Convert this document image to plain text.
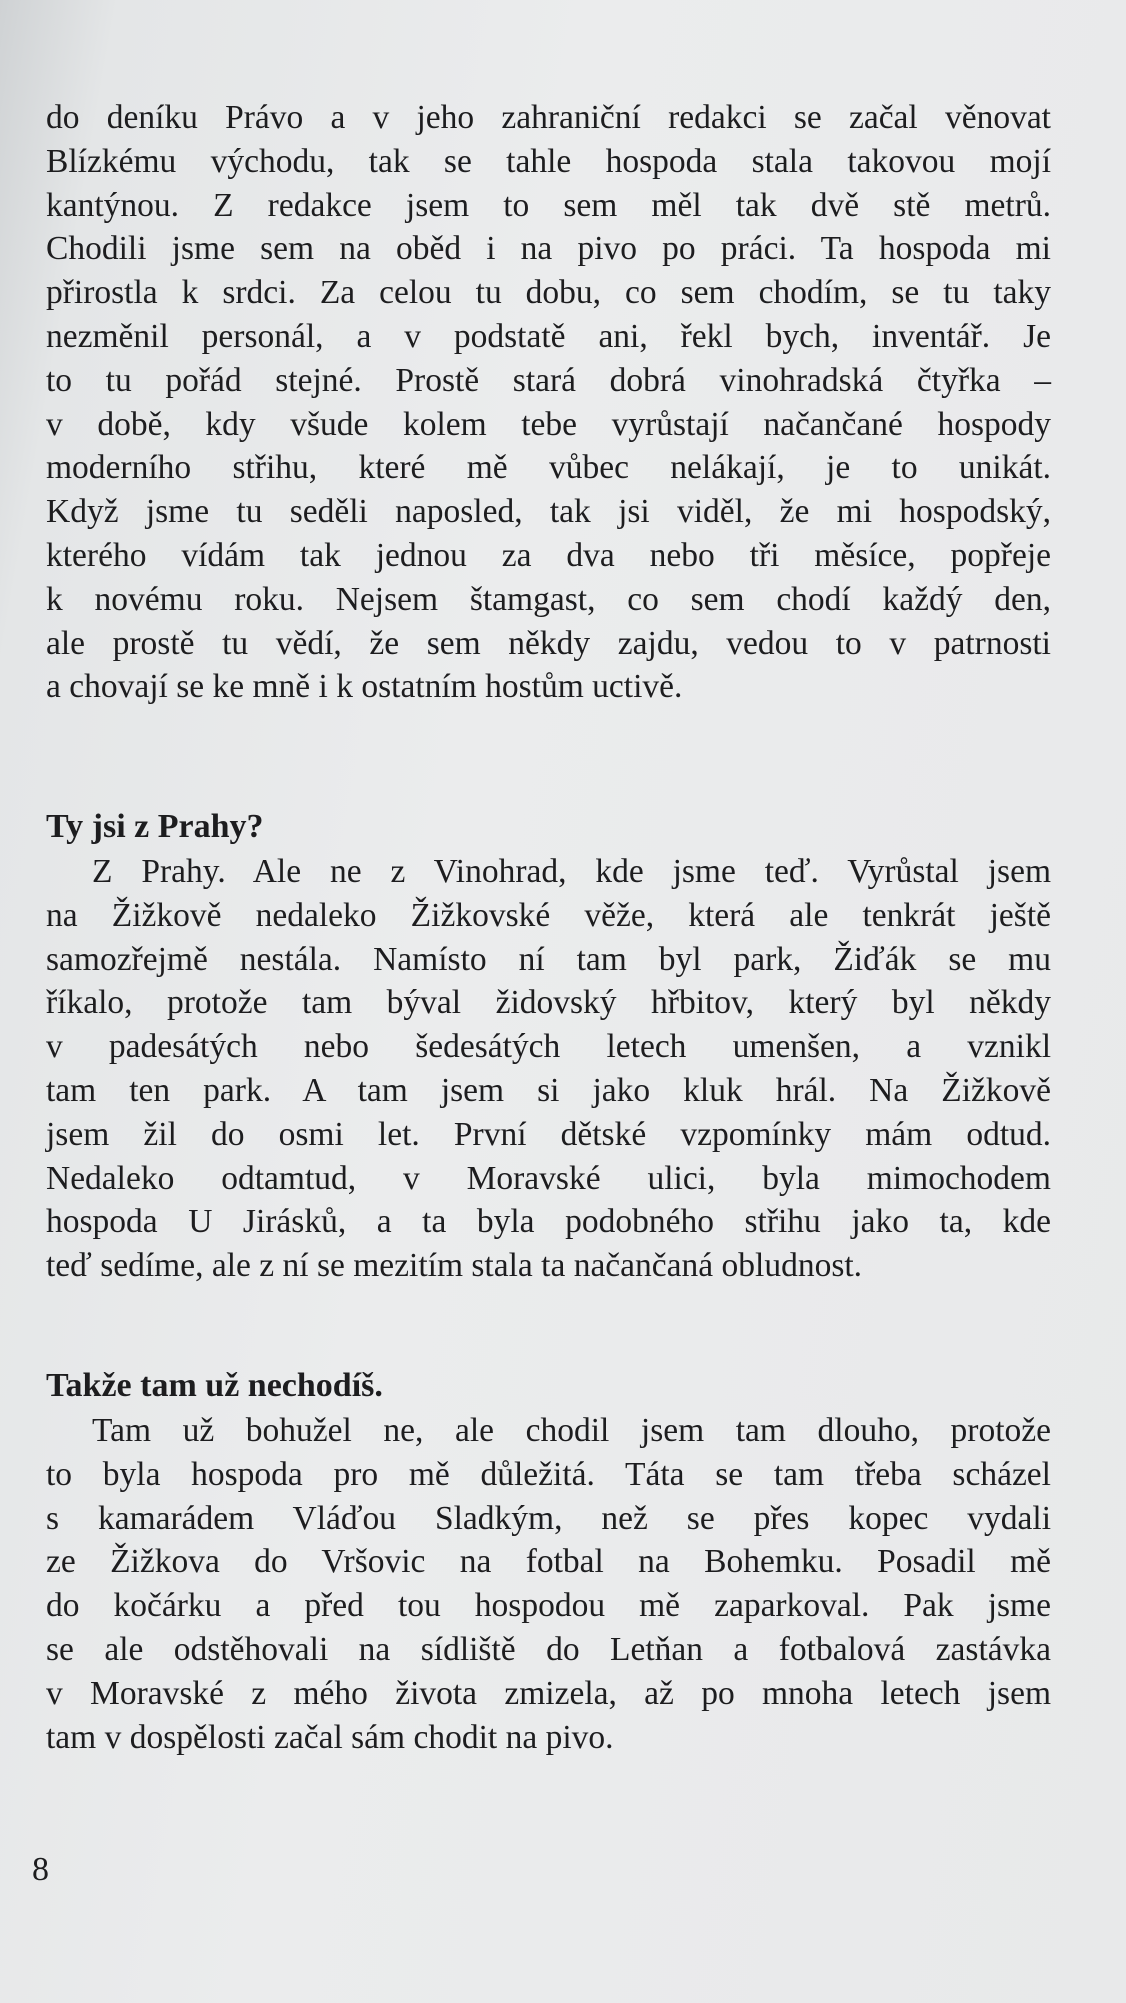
do deníku Právo a v jeho zahraniční redakci se začal věnovat
Blízkému východu, tak se tahle hospoda stala takovou mojí
kantýnou. Z redakce jsem to sem měl tak dvě stě metrů.
Chodili jsme sem na oběd i na pivo po práci. Ta hospoda mi
přirostla k srdci. Za celou tu dobu, co sem chodím, se tu taky
nezměnil personál, a v podstatě ani, řekl bych, inventář. Je
to tu pořád stejné. Prostě stará dobrá vinohradská čtyřka –
v době, kdy všude kolem tebe vyrůstají načančané hospody
moderního střihu, které mě vůbec nelákají, je to unikát.
Když jsme tu seděli naposled, tak jsi viděl, že mi hospodský,
kterého vídám tak jednou za dva nebo tři měsíce, popřeje
k novému roku. Nejsem štamgast, co sem chodí každý den,
ale prostě tu vědí, že sem někdy zajdu, vedou to v patrnosti
a chovají se ke mně i k ostatním hostům uctivě.

Ty jsi z Prahy?

Z Prahy. Ale ne z Vinohrad, kde jsme teď. Vyrůstal jsem
na Žižkově nedaleko Žižkovské věže, která ale tenkrát ještě
samozřejmě nestála. Namísto ní tam byl park, Žiďák se mu
říkalo, protože tam býval židovský hřbitov, který byl někdy
v padesátých nebo šedesátých letech umenšen, a vznikl
tam ten park. A tam jsem si jako kluk hrál. Na Žižkově
jsem žil do osmi let. První dětské vzpomínky mám odtud.
Nedaleko odtamtud, v Moravské ulici, byla mimochodem
hospoda U Jirásků, a ta byla podobného střihu jako ta, kde
teď sedíme, ale z ní se mezitím stala ta načančaná obludnost.

Takže tam už nechodíš.

Tam už bohužel ne, ale chodil jsem tam dlouho, protože
to byla hospoda pro mě důležitá. Táta se tam třeba scházel
s kamarádem Vláďou Sladkým, než se přes kopec vydali
ze Žižkova do Vršovic na fotbal na Bohemku. Posadil mě
do kočárku a před tou hospodou mě zaparkoval. Pak jsme
se ale odstěhovali na sídliště do Letňan a fotbalová zastávka
v Moravské z mého života zmizela, až po mnoha letech jsem
tam v dospělosti začal sám chodit na pivo.
8
